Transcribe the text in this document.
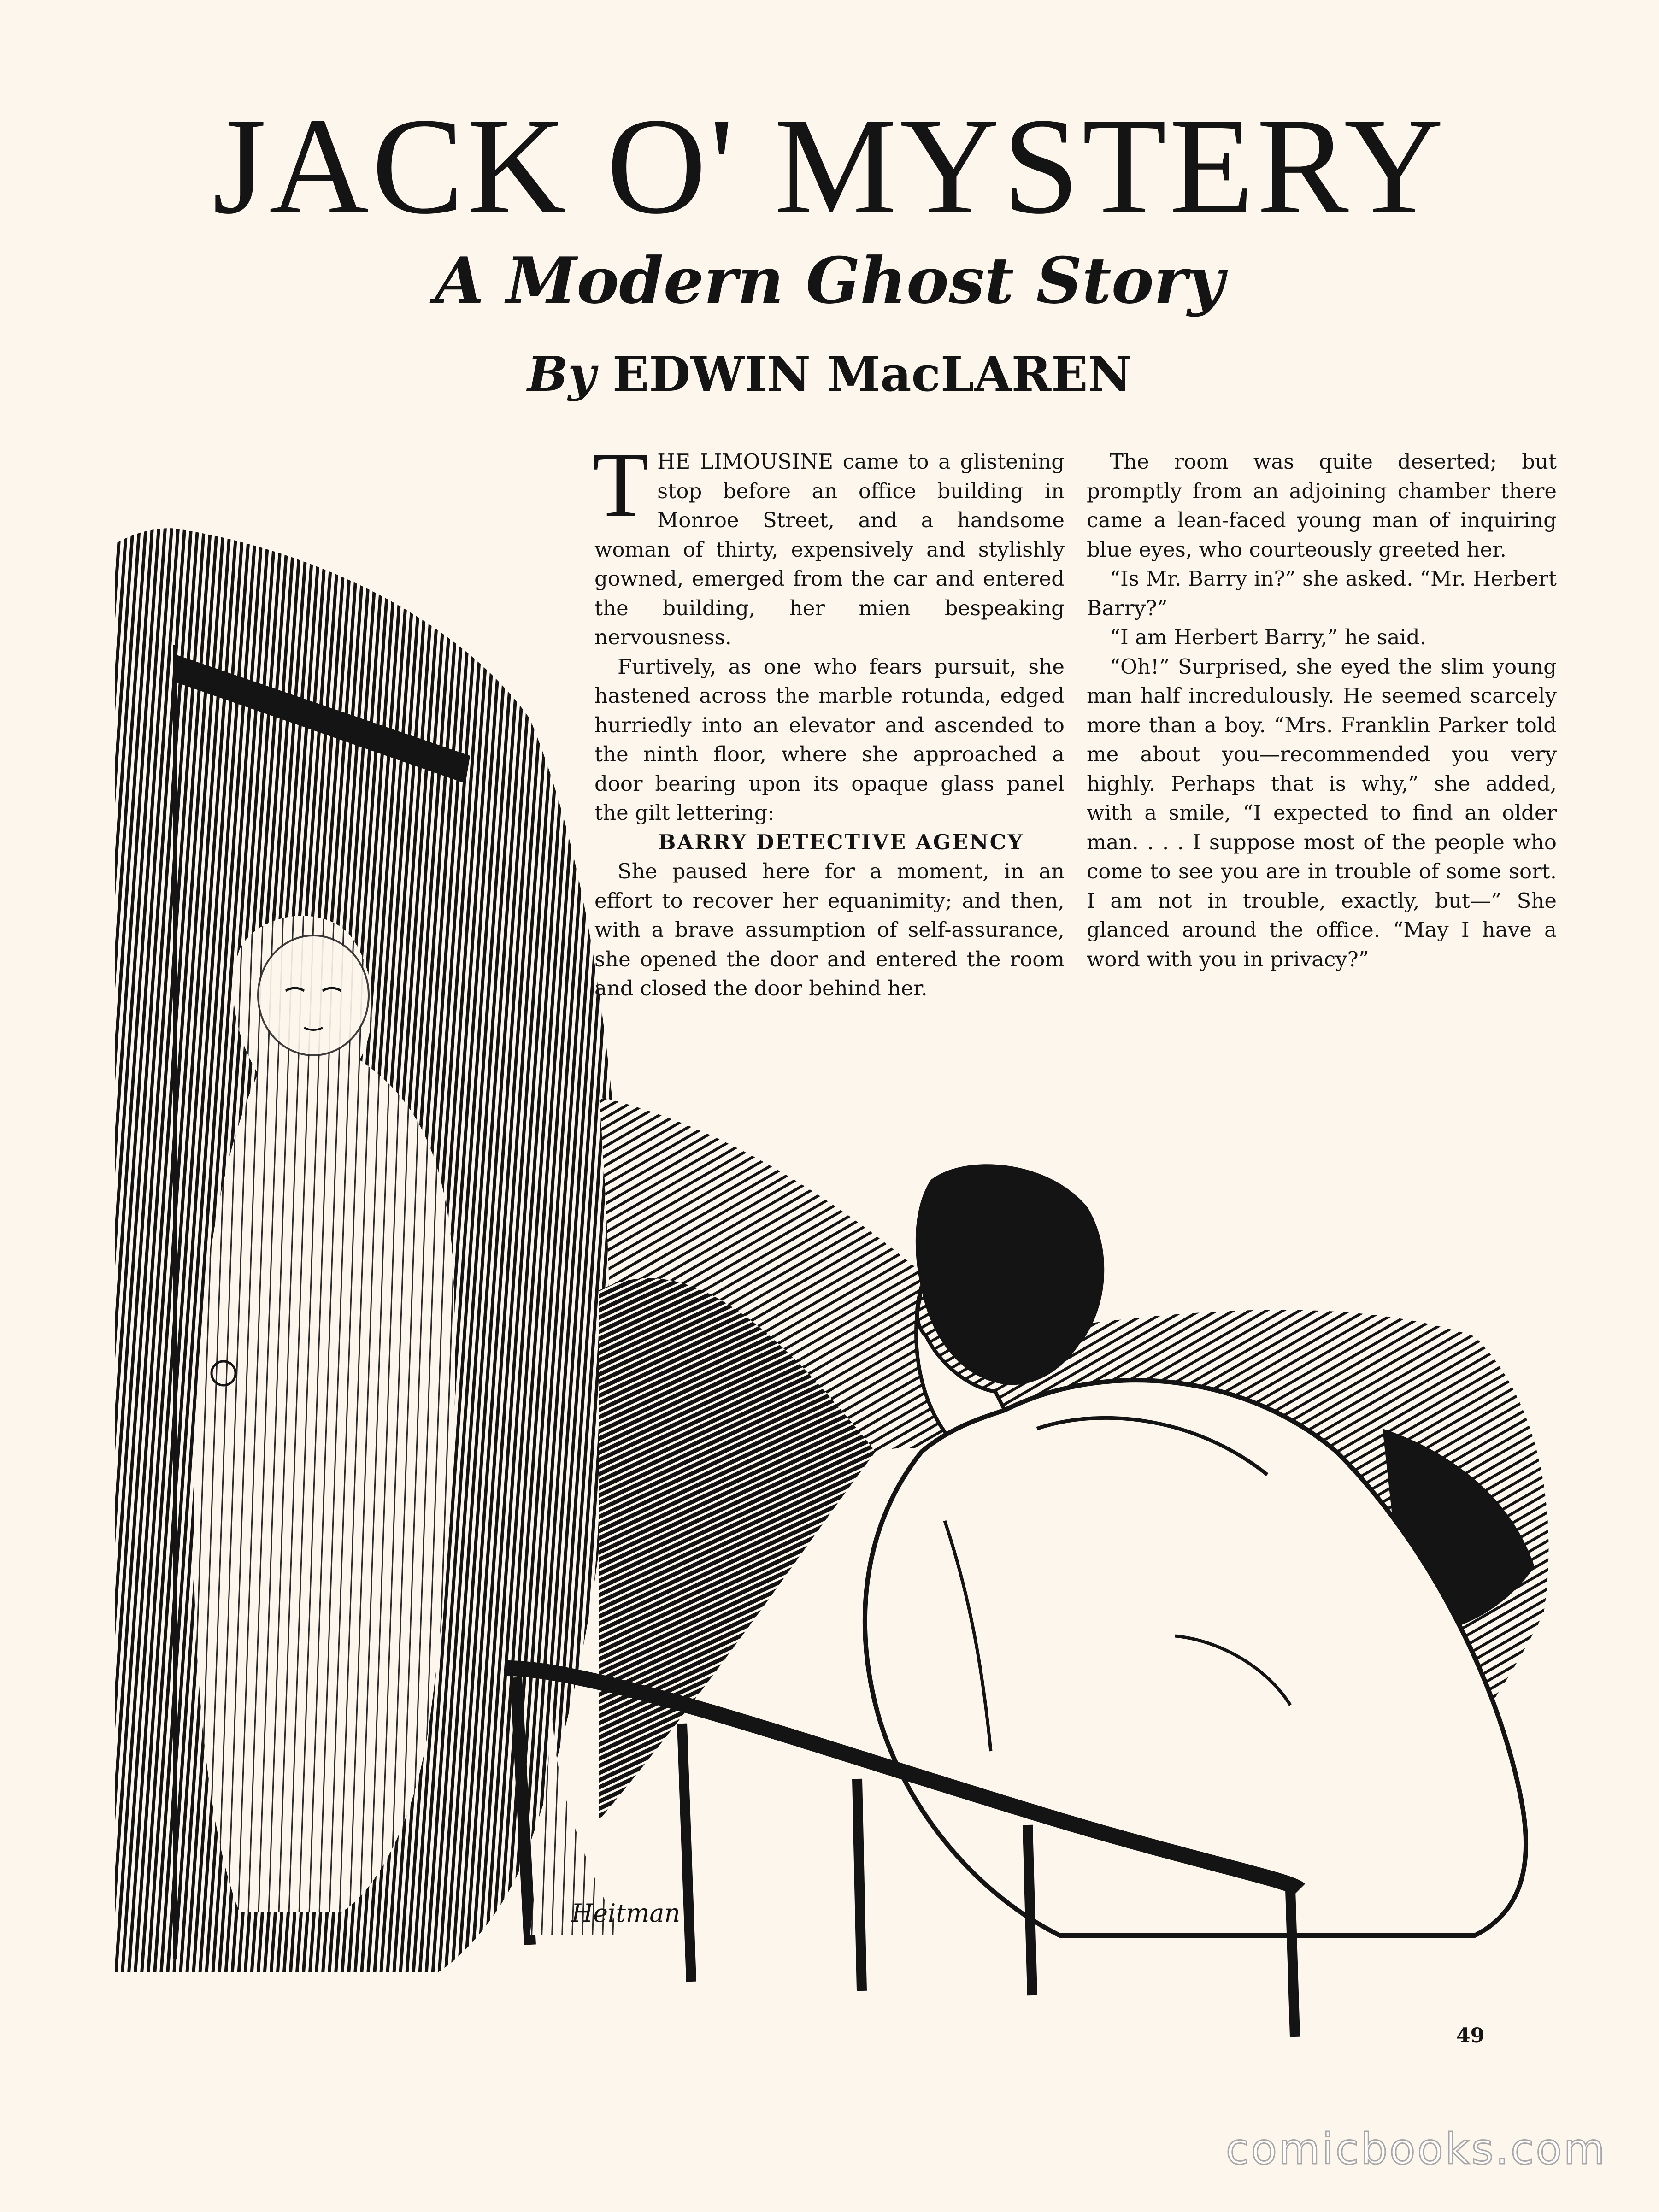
JACK O' MYSTERY
A Modern Ghost Story
By EDWIN MacLAREN
Heitman

THE LIMOUSINE came to a glistening stop before an office building in Monroe Street, and a handsome woman of thirty, expensively and stylishly gowned, emerged from the car and entered the building, her mien bespeaking nervousness.

Furtively, as one who fears pursuit, she hastened across the marble rotunda, edged hurriedly into an elevator and ascended to the ninth floor, where she approached a door bearing upon its opaque glass panel the gilt lettering:

BARRY DETECTIVE AGENCY

She paused here for a moment, in an effort to recover her equanimity; and then, with a brave assumption of self-assurance, she opened the door and entered the room and closed the door behind her.

The room was quite deserted; but promptly from an adjoining chamber there came a lean-faced young man of inquiring blue eyes, who courteously greeted her.

“Is Mr. Barry in?” she asked. “Mr. Herbert Barry?”

“I am Herbert Barry,” he said.

“Oh!” Surprised, she eyed the slim young man half incredulously. He seemed scarcely more than a boy. “Mrs. Franklin Parker told me about you—recommended you very highly. Perhaps that is why,” she added, with a smile, “I expected to find an older man. . . . I suppose most of the people who come to see you are in trouble of some sort. I am not in trouble, exactly, but—” She glanced around the office. “May I have a word with you in privacy?”

49
comicbooks.com
